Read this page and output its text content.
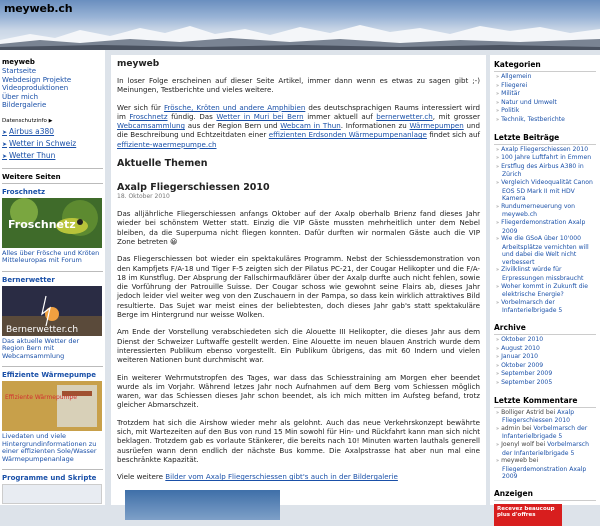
meyweb.ch
meyweb
Startseite
Webdesign Projekte
Videoproduktionen
Über mich
Bildergalerie
Datenschutzinfo ▶
➤ Airbus a380
➤ Wetter in Schweiz
➤ Wetter Thun
Weitere Seiten
Froschnetz
Froschnetz
Alles über Frösche und Kröten Mitteleuropas mit Forum
Bernerwetter
Bernerwetter.ch
Das aktuelle Wetter der Region Bern mit Webcamsammlung
Effiziente Wärmepumpe
Effiziente Wärmepumpe
Livedaten und viele Hintergrundinformationen zu einer effizienten Sole/Wasser Wärmepumpenanlage
Programme und Skripte
meyweb

In loser Folge erscheinen auf dieser Seite Artikel, immer dann wenn es etwas zu sagen gibt ;-) Meinungen, Testberichte und vieles weitere.

Wer sich für Frösche, Kröten und andere Amphibien des deutschsprachigen Raums interessiert wird im Froschnetz fündig. Das Wetter in Muri bei Bern immer aktuell auf bernerwetter.ch, mit grosser Webcamsammlung aus der Region Bern und Webcam in Thun. Informationen zu Wärmepumpen und die Beschreibung und Echtzeitdaten einer effizienten Erdsonden Wärmepumpenanlage findet sich auf effiziente-waermepumpe.ch

Aktuelle Themen
Axalp Fliegerschiessen 2010
18. Oktober 2010

Das alljährliche Fliegerschiessen anfangs Oktober auf der Axalp oberhalb Brienz fand dieses Jahr wieder bei schönstem Wetter statt. Einzig die VIP Gäste mussten mehrheitlich unter dem Nebel bleiben, da die Superpuma nicht fliegen konnten. Dafür durften wir normalen Gäste auch die VIP Zone betreten 😀

Das Fliegerschiessen bot wieder ein spektakuläres Programm. Nebst der Schiessdemonstration von den Kampfjets F/A-18 und Tiger F-5 zeigten sich der Pilatus PC-21, der Cougar Helikopter und die F/A-18 im Kunstflug. Der Absprung der Fallschirmaufklärer über der Axalp durfte auch nicht fehlen, sowie die Vorführung der Patrouille Suisse. Der Cougar schoss wie gewohnt seine Flairs ab, dieses Jahr jedoch leider viel weiter weg von den Zuschauern in der Pampa, so dass kein wirklich attraktives Bild resultierte. Das Sujet war meist eines der beliebtesten, doch dieses Jahr gab's statt spektakuläre Berge im Hintergrund nur weisse Wolken.

Am Ende der Vorstellung verabschiedeten sich die Alouette III Helikopter, die dieses Jahr aus dem Dienst der Schweizer Luftwaffe gestellt werden. Eine Alouette im neuen blauen Anstrich wurde dem interessierten Publikum ebenso vorgestellt. Ein Publikum übrigens, das mit 60 Indern und vielen weiteren Nationen bunt durchmischt war.

Ein weiterer Wehrmutstropfen des Tages, war dass das Schiesstraining am Morgen eher beendet wurde als im Vorjahr. Während letzes Jahr noch Aufnahmen auf dem Berg vom Schiessen möglich waren, war das Schiessen dieses Jahr schon beendet, als ich mich mitten im Aufsteg befand, trotz gleicher Abmarschzeit.

Trotzdem hat sich die Airshow wieder mehr als gelohnt. Auch das neue Verkehrskonzept bewährte sich, mit Wartezeiten auf den Bus von rund 15 Min sowohl für Hin- und Rückfahrt kann man sich nicht beklagen. Trotzdem gab es vorlaute Stänkerer, die bereits nach 10! Minuten warten lauthals generell ausrüefen wann denn endlich der nächste Bus komme. Die Axalpstrasse hat aber nun mal eine beschränkte Kapazität.

Viele weitere Bilder vom Axalp Fliegerschiessen gibt's auch in der Bildergalerie

Kategorien
» Allgemein
» Fliegerei
» Militär
» Natur und Umwelt
» Politik
» Technik, Testberichte
Letzte Beiträge
» Axalp Fliegerschiessen 2010
» 100 Jahre Luftfahrt in Emmen
» Erstflug des Airbus A380 in Zürich
» Vergleich Videoqualität Canon EOS 5D Mark II mit HDV Kamera
» Rundumerneuerung von meyweb.ch
» Fliegerdemonstration Axalp 2009
» Wie die GSoA über 10'000 Arbeitsplätze vernichten will und dabei die Welt nicht verbessert
» Zivilklinst würde für Erpressungen missbraucht
» Woher kommt in Zukunft die elektrische Energie?
» Vorbelmarsch der Infanterielbrigade 5
Archive
» Oktober 2010
» August 2010
» Januar 2010
» Oktober 2009
» September 2009
» September 2005
Letzte Kommentare
» Bolliger Astrid bei Axalp Fliegerschiessen 2010
» admin bei Vorbelmarsch der Infanterielbrigade 5
» Joenyl wolf bei Vorbelmarsch der Infanterielbrigade 5
» meyweb bei Fliegerdemonstration Axalp 2009
Anzeigen
Recevez beaucoup plus d'offres
